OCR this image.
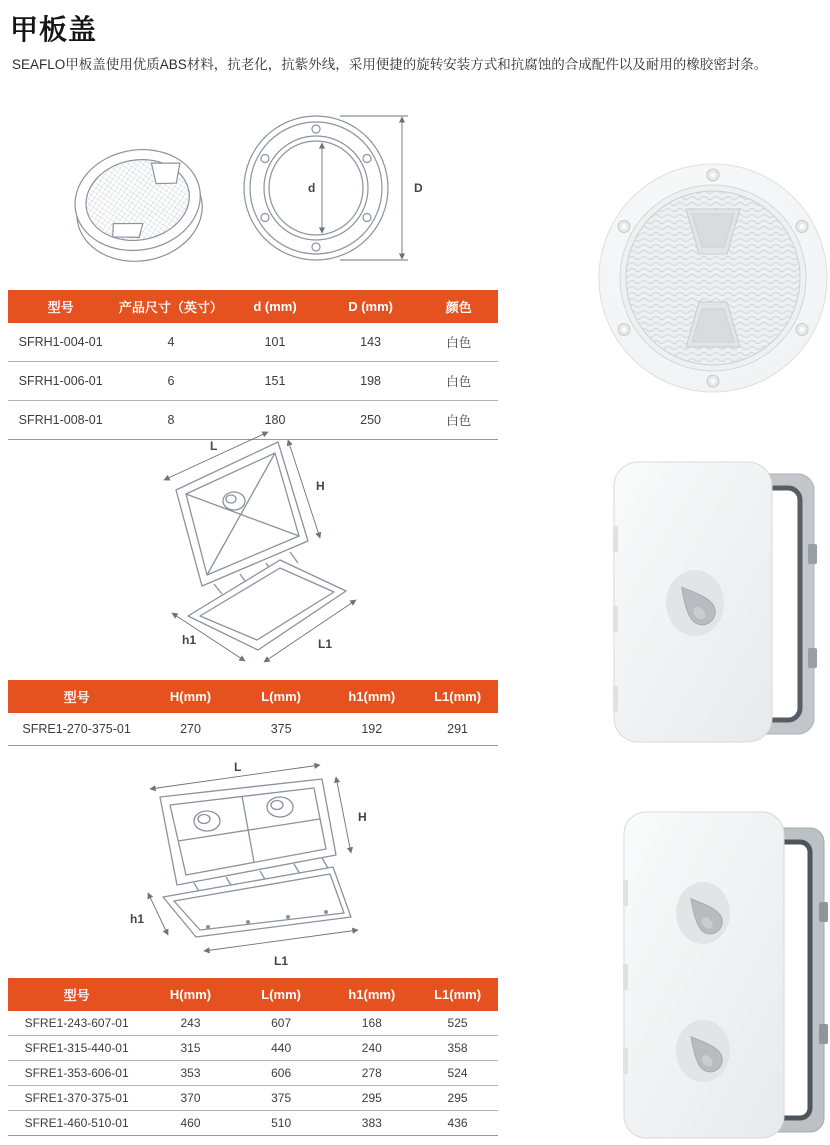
甲板盖

SEAFLO甲板盖使用优质ABS材料，抗老化，抗紫外线，采用便捷的旋转安装方式和抗腐蚀的合成配件以及耐用的橡胶密封条。

d	D
型号	产品尺寸（英寸）	d (mm)	D (mm)	颜色
SFRH1-004-01	4	101	143	白色
SFRH1-006-01	6	151	198	白色
SFRH1-008-01	8	180	250	白色
L
H
h1	L1
型号	H(mm)	L(mm)	h1(mm)	L1(mm)
SFRE1-270-375-01	270	375	192	291
L
H
h1
L1
型号	H(mm)	L(mm)	h1(mm)	L1(mm)
SFRE1-243-607-01	243	607	168	525
SFRE1-315-440-01	315	440	240	358
SFRE1-353-606-01	353	606	278	524
SFRE1-370-375-01	370	375	295	295
SFRE1-460-510-01	460	510	383	436
